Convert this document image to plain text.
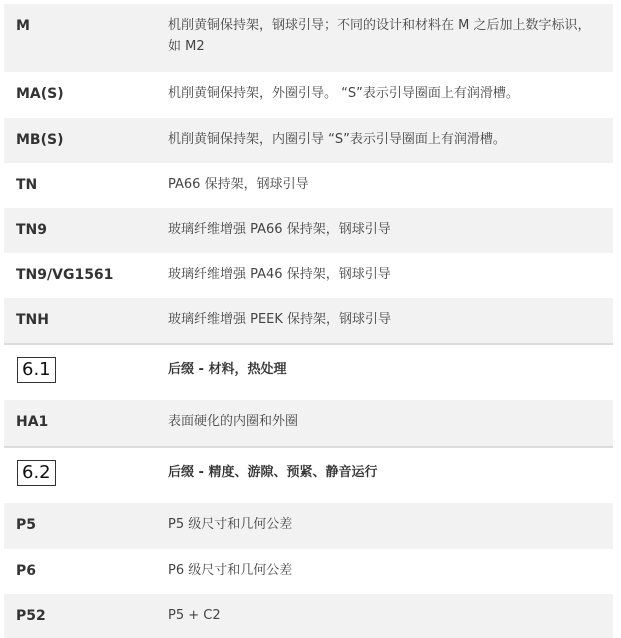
M	机削黄铜保持架，钢球引导；不同的设计和材料在 M 之后加上数字标识，如 M2
MA(S)	机削黄铜保持架，外圈引导。 “S”表示引导圈面上有润滑槽。
MB(S)	机削黄铜保持架，内圈引导 “S”表示引导圈面上有润滑槽。
TN	PA66 保持架，钢球引导
TN9	玻璃纤维增强 PA66 保持架，钢球引导
TN9/VG1561	玻璃纤维增强 PA46 保持架，钢球引导
TNH	玻璃纤维增强 PEEK 保持架，钢球引导
6.1	后缀 - 材料，热处理
HA1	表面硬化的内圈和外圈
6.2	后缀 - 精度、游隙、预紧、静音运行
P5	P5 级尺寸和几何公差
P6	P6 级尺寸和几何公差
P52	P5 + C2
